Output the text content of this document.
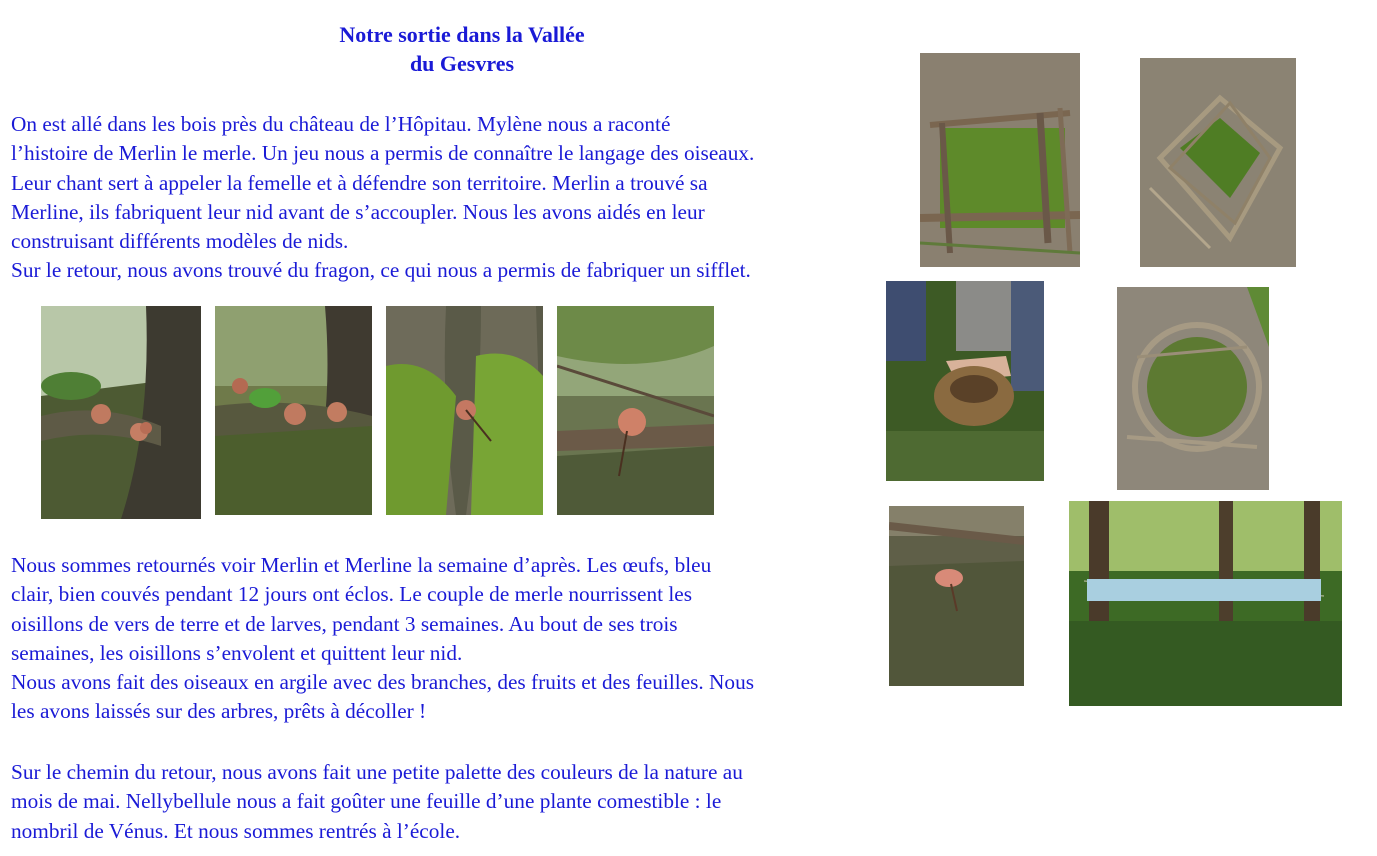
Notre sortie dans la Vallée
du Gesvres
On est allé dans les bois près du château de l’Hôpitau. Mylène nous a raconté
l’histoire de Merlin le merle. Un jeu nous a permis de connaître le langage des oiseaux.
Leur chant sert à appeler la femelle et à défendre son territoire. Merlin a trouvé sa
Merline, ils fabriquent leur nid avant de s’accoupler. Nous les avons aidés en leur
construisant différents modèles de nids.
Sur le retour, nous avons trouvé du fragon, ce qui nous a permis de fabriquer un sifflet.
Nous sommes retournés voir Merlin et Merline la semaine d’après. Les œufs, bleu
clair, bien couvés pendant 12 jours ont éclos. Le couple de merle nourrissent les
oisillons de vers de terre et de larves, pendant 3 semaines. Au bout de ses trois
semaines, les oisillons s’envolent et quittent leur nid.
Nous avons fait des oiseaux en argile avec des branches, des fruits et des feuilles. Nous
les avons laissés sur des arbres, prêts à décoller !
Sur le chemin du retour, nous avons fait une petite palette des couleurs de la nature au
mois de mai. Nellybellule nous a fait goûter une feuille d’une plante comestible : le
nombril de Vénus. Et nous sommes rentrés à l’école.
